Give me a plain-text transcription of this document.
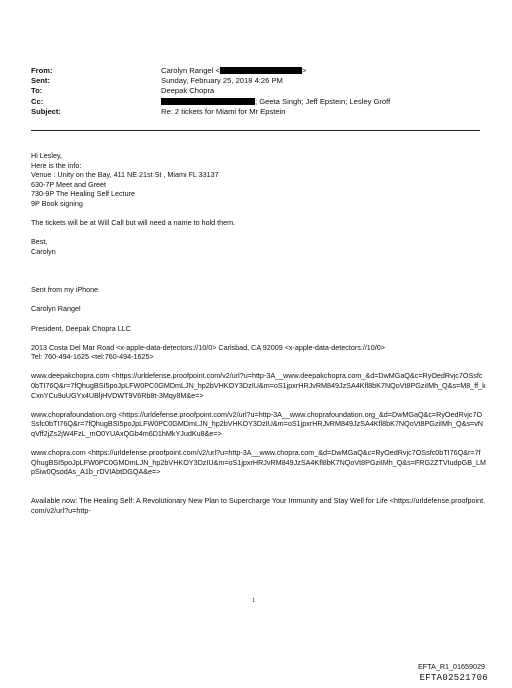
From:	Carolyn Rangel <	>
Sent:	Sunday, February 25, 2018 4:26 PM
To:	Deepak Chopra
Cc:	; Geeta Singh; Jeff Epstein; Lesley Groff
Subject:	Re: 2 tickets for Miami for Mr Epstein

Hi Lesley,

Here is the info:

Venue : Unity on the Bay, 411 NE 21st St , Miami FL 33137

630-7P Meet and Greet

730-9P The Healing Self Lecture

9P Book signing

The tickets will be at Will Call but will need a name to hold them.

Best,

Carolyn

Sent from my iPhone

Carolyn Rangel

President, Deepak Chopra LLC

2013 Costa Del Mar Road <x-apple-data-detectors://10/0> Carlsbad, CA 92009 <x-apple-data-detectors://10/0>

Tel: 760-494-1625 <tel:760-494-1625>

www.deepakchopra.com <https://urldefense.proofpoint.com/v2/url?u=http-3A__www.deepakchopra.com_&d=DwMGaQ&c=RyOedRvjc7OSsfc0bTI76Q&r=7fQhugBSI5poJpLFW0PC0GMDmLJN_hp2bVHKOY3DzIU&m=oS1jpxrHRJvRM849JzSA4Kfl8bK7NQoVt8PGziIMh_Q&s=M8_ff_kCxnYCu9uUGYx4UBljHVDWT9V6Rb8t-3Mqy8M&e=>

www.choprafoundation.org <https://urldefense.proofpoint.com/v2/url?u=http-3A__www.choprafoundation.org_&d=DwMGaQ&c=RyOedRvjc7OSsfc0bTI76Q&r=7fQhugBSI5poJpLFW0PC0GMDmLJN_hp2bVHKOY3DzIU&m=oS1jpxrHRJvRM849JzSA4Kfl8bK7NQoVt8PGziIMh_Q&s=vNqVff2jZs2jW4FzL_mO0YUAxQGb4m6D1hMkYJudKu8&e=>

www.chopra.com <https://urldefense.proofpoint.com/v2/url?u=http-3A__www.chopra.com_&d=DwMGaQ&c=RyOedRvjc7OSsfc0bTI76Q&r=7fQhugBSI5poJpLFW0PC0GMDmLJN_hp2bVHKOY3DzIU&m=oS1jpxrHRJvRM849JzSA4Kfl8bK7NQoVt8PGziIMh_Q&s=FRG2ZTVIudpGB_LMpSiw0QsodAs_A1b_rDVIAbtDGQA&e=>

Available now: The Healing Self: A Revolutionary New Plan to Supercharge Your Immunity and Stay Well for Life <https://urldefense.proofpoint.com/v2/url?u=http-

1
EFTA_R1_01659029
EFTA02521706
